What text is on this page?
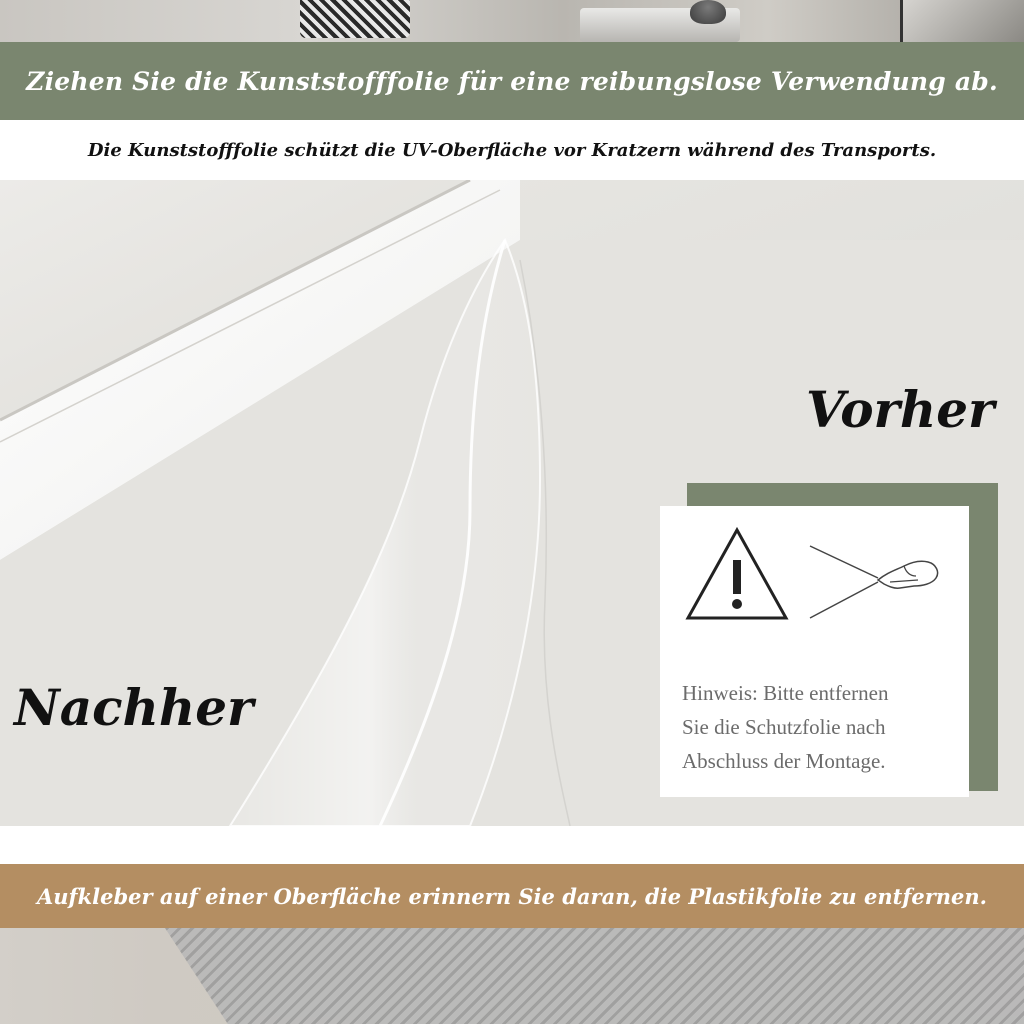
Ziehen Sie die Kunststofffolie für eine reibungslose Verwendung ab.
Die Kunststofffolie schützt die UV-Oberfläche vor Kratzern während des Transports.
Vorher
Nachher	Hinweis: Bitte entfernen
Sie die Schutzfolie nach
Abschluss der Montage.
Aufkleber auf einer Oberfläche erinnern Sie daran, die Plastikfolie zu entfernen.
